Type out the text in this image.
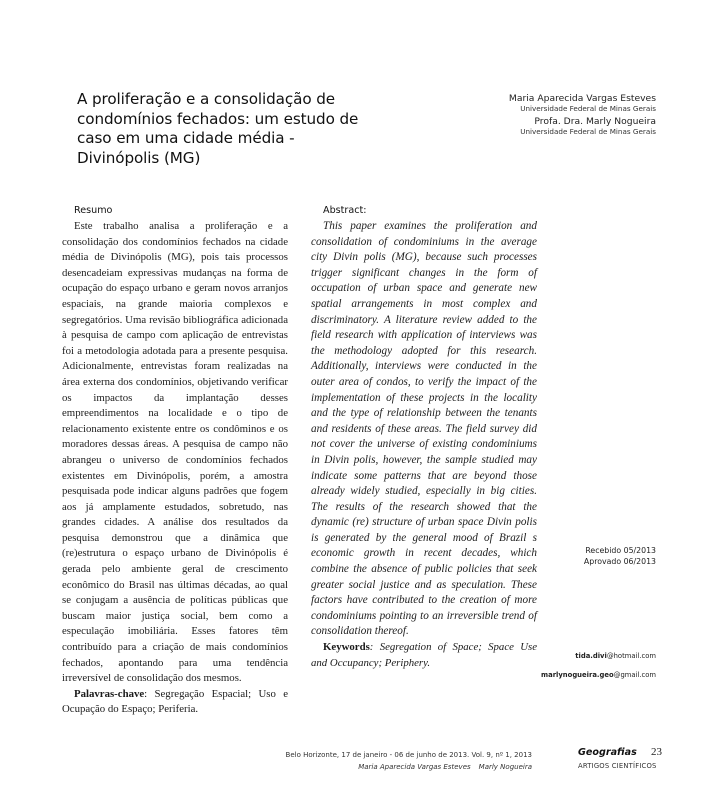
A proliferação e a consolidação de condomínios fechados: um estudo de caso em uma cidade média - Divinópolis (MG)
Maria Aparecida Vargas Esteves
Universidade Federal de Minas Gerais
Profa. Dra. Marly Nogueira
Universidade Federal de Minas Gerais
Resumo

Este trabalho analisa a proliferação e a consolidação dos condomínios fechados na cidade média de Divinópolis (MG), pois tais processos desencadeiam expressivas mudanças na forma de ocupação do espaço urbano e geram novos arranjos espaciais, na grande maioria complexos e segregatórios. Uma revisão bibliográfica adicionada à pesquisa de campo com aplicação de entrevistas foi a metodologia adotada para a presente pesquisa. Adicionalmente, entrevistas foram realizadas na área externa dos condomínios, objetivando verificar os impactos da implantação desses empreendimentos na localidade e o tipo de relacionamento existente entre os condôminos e os moradores dessas áreas. A pesquisa de campo não abrangeu o universo de condomínios fechados existentes em Divinópolis, porém, a amostra pesquisada pode indicar alguns padrões que fogem aos já amplamente estudados, sobretudo, nas grandes cidades. A análise dos resultados da pesquisa demonstrou que a dinâmica que (re)estrutura o espaço urbano de Divinópolis é gerada pelo ambiente geral de crescimento econômico do Brasil nas últimas décadas, ao qual se conjugam a ausência de políticas públicas que buscam maior justiça social, bem como a especulação imobiliária. Esses fatores têm contribuído para a criação de mais condomínios fechados, apontando para uma tendência irreversível de consolidação dos mesmos.

Palavras-chave: Segregação Espacial; Uso e Ocupação do Espaço; Periferia.

Abstract:

This paper examines the proliferation and consolidation of condominiums in the average city Divin polis (MG), because such processes trigger significant changes in the form of occupation of urban space and generate new spatial arrangements in most complex and discriminatory. A literature review added to the field research with application of interviews was the methodology adopted for this research. Additionally, interviews were conducted in the outer area of condos, to verify the impact of the implementation of these projects in the locality and the type of relationship between the tenants and residents of these areas. The field survey did not cover the universe of existing condominiums in Divin polis, however, the sample studied may indicate some patterns that are beyond those already widely studied, especially in big cities. The results of the research showed that the dynamic (re) structure of urban space Divin polis is generated by the general mood of Brazil s economic growth in recent decades, which combine the absence of public policies that seek greater social justice and as speculation. These factors have contributed to the creation of more condominiums pointing to an irreversible trend of consolidation thereof.

Keywords: Segregation of Space; Space Use and Occupancy; Periphery.

Recebido 05/2013
Aprovado 06/2013
tida.divi@hotmail.com
marlynogueira.geo@gmail.com
Belo Horizonte, 17 de janeiro - 06 de junho de 2013. Vol. 9, nº 1, 2013
Maria Aparecida Vargas Esteves Marly Nogueira
Geografias
ARTIGOS CIENTÍFICOS
23
